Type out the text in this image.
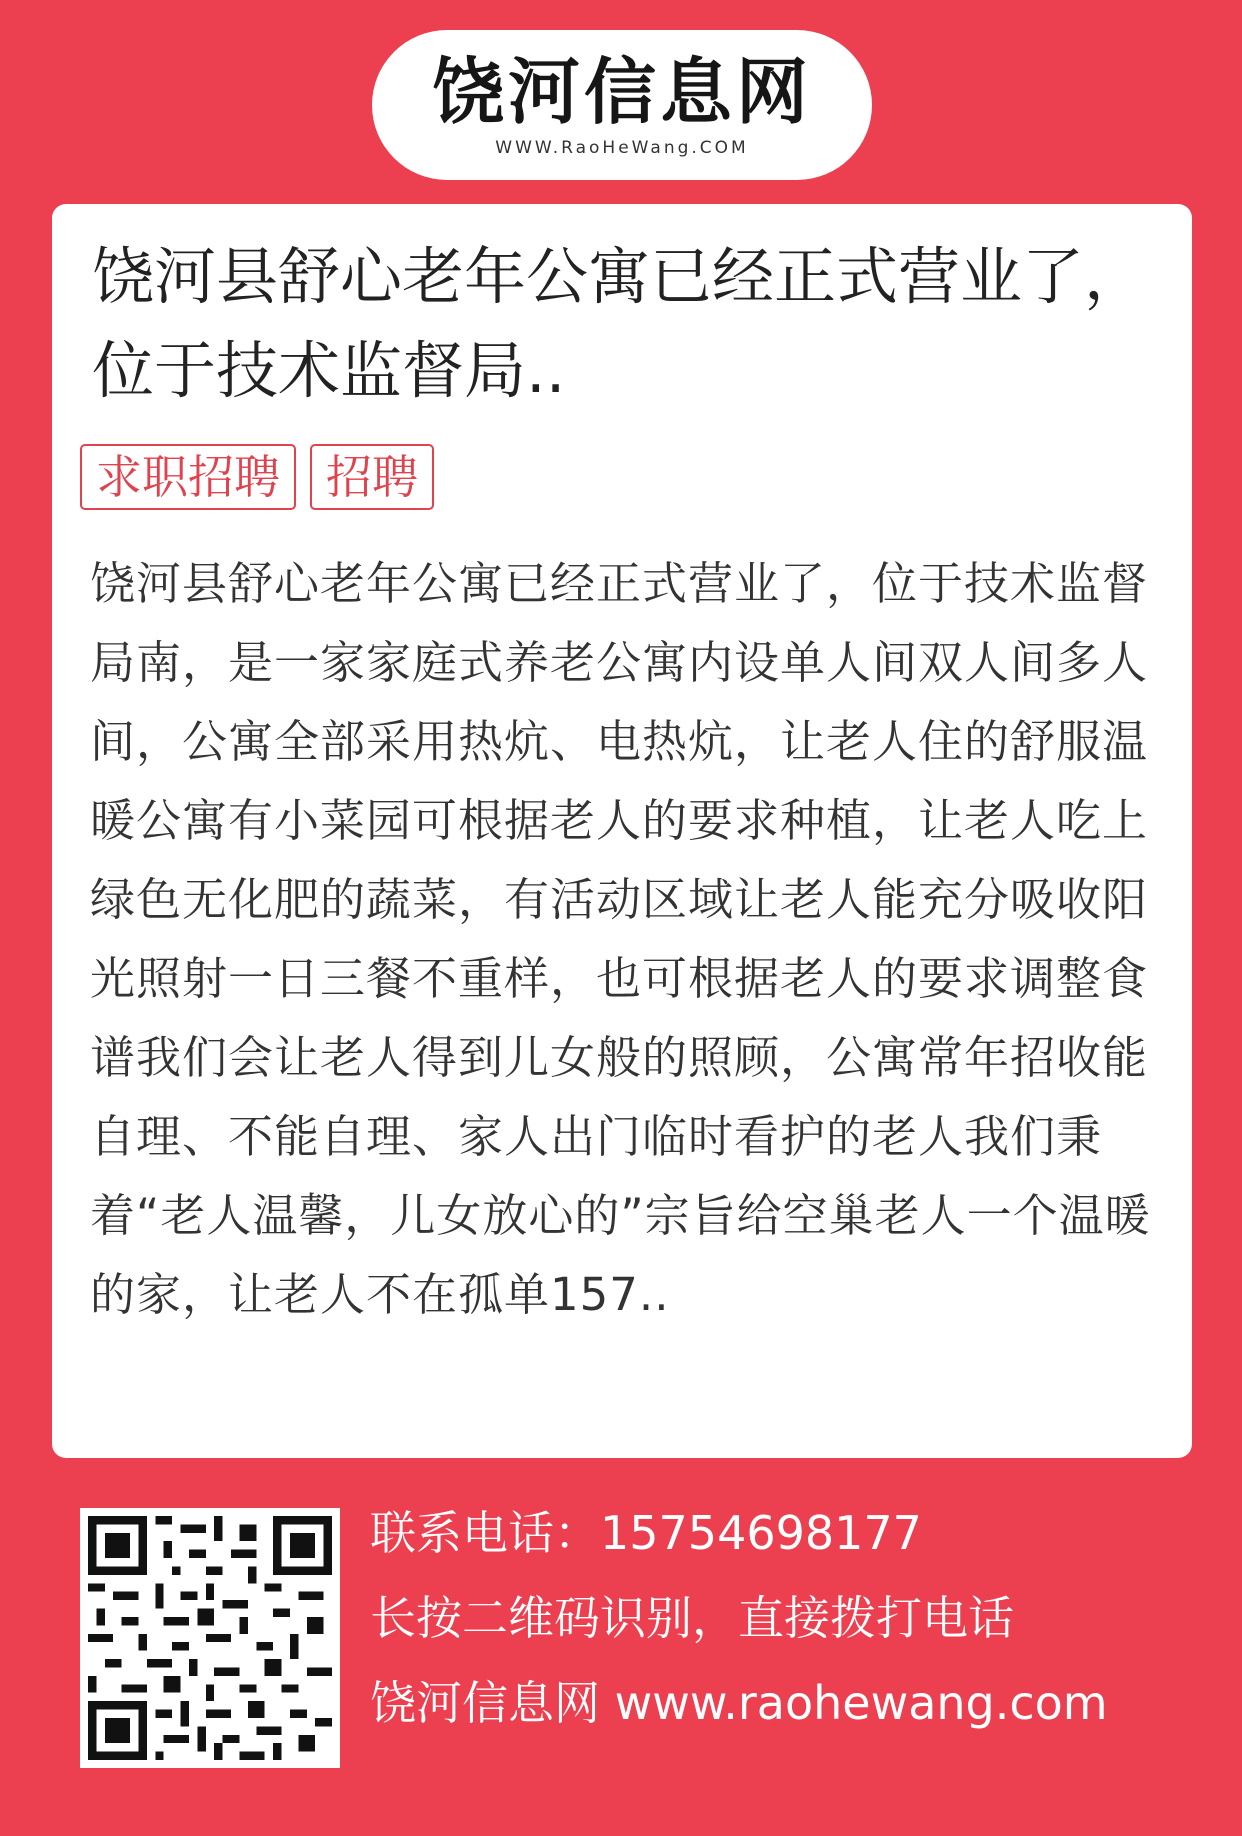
饶河信息网
WWW.RaoHeWang.COM
饶河县舒心老年公寓已经正式营业了，位于技术监督局..
求职招聘	招聘

饶河县舒心老年公寓已经正式营业了，位于技术监督局南，是一家家庭式养老公寓内设单人间双人间多人间，公寓全部采用热炕、电热炕，让老人住的舒服温暖公寓有小菜园可根据老人的要求种植，让老人吃上绿色无化肥的蔬菜，有活动区域让老人能充分吸收阳光照射一日三餐不重样，也可根据老人的要求调整食谱我们会让老人得到儿女般的照顾，公寓常年招收能自理、不能自理、家人出门临时看护的老人我们秉着“老人温馨，儿女放心的”宗旨给空巢老人一个温暖的家，让老人不在孤单157..

联系电话：15754698177

长按二维码识别，直接拨打电话

饶河信息网 www.raohewang.com
